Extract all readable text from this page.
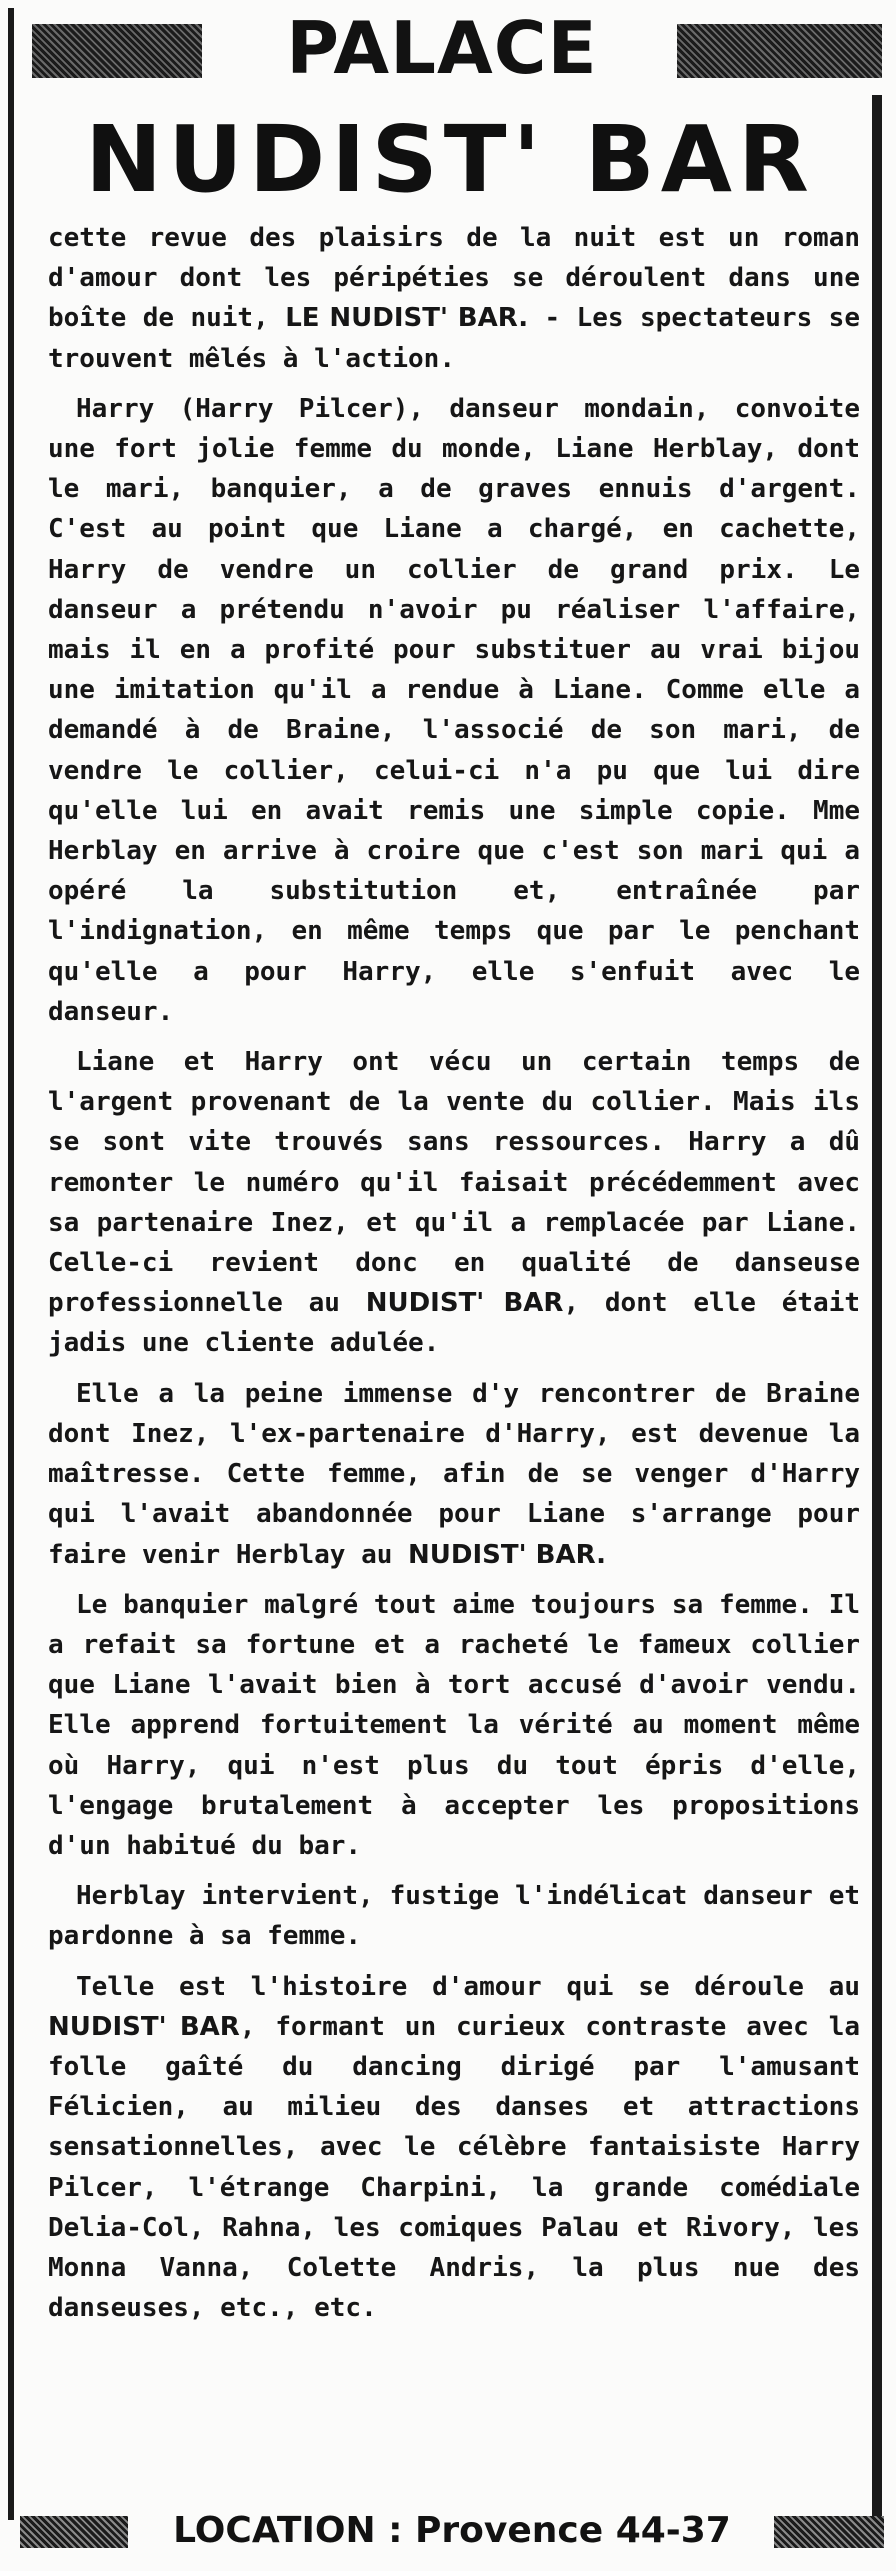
PALACE
NUDIST' BAR

cette revue des plaisirs de la nuit est un roman d'amour dont les péripéties se déroulent dans une boîte de nuit, LE NUDIST' BAR. - Les spectateurs se trouvent mêlés à l'action.

Harry (Harry Pilcer), danseur mondain, convoite une fort jolie femme du monde, Liane Herblay, dont le mari, banquier, a de graves ennuis d'argent. C'est au point que Liane a chargé, en cachette, Harry de vendre un collier de grand prix. Le danseur a prétendu n'avoir pu réaliser l'affaire, mais il en a profité pour substituer au vrai bijou une imitation qu'il a rendue à Liane. Comme elle a demandé à de Braine, l'associé de son mari, de vendre le collier, celui-ci n'a pu que lui dire qu'elle lui en avait remis une simple copie. Mme Herblay en arrive à croire que c'est son mari qui a opéré la substitution et, entraînée par l'indignation, en même temps que par le penchant qu'elle a pour Harry, elle s'enfuit avec le danseur.

Liane et Harry ont vécu un certain temps de l'argent provenant de la vente du collier. Mais ils se sont vite trouvés sans ressources. Harry a dû remonter le numéro qu'il faisait précédemment avec sa partenaire Inez, et qu'il a remplacée par Liane. Celle-ci revient donc en qualité de danseuse professionnelle au NUDIST' BAR, dont elle était jadis une cliente adulée.

Elle a la peine immense d'y rencontrer de Braine dont Inez, l'ex-partenaire d'Harry, est devenue la maîtresse. Cette femme, afin de se venger d'Harry qui l'avait abandonnée pour Liane s'arrange pour faire venir Herblay au NUDIST' BAR.

Le banquier malgré tout aime toujours sa femme. Il a refait sa fortune et a racheté le fameux collier que Liane l'avait bien à tort accusé d'avoir vendu. Elle apprend fortuitement la vérité au moment même où Harry, qui n'est plus du tout épris d'elle, l'engage brutalement à accepter les propositions d'un habitué du bar.

Herblay intervient, fustige l'indélicat danseur et pardonne à sa femme.

Telle est l'histoire d'amour qui se déroule au NUDIST' BAR, formant un curieux contraste avec la folle gaîté du dancing dirigé par l'amusant Félicien, au milieu des danses et attractions sensationnelles, avec le célèbre fantaisiste Harry Pilcer, l'étrange Charpini, la grande comédiale Delia-Col, Rahna, les comiques Palau et Rivory, les Monna Vanna, Colette Andris, la plus nue des danseuses, etc., etc.

LOCATION : Provence 44-37
